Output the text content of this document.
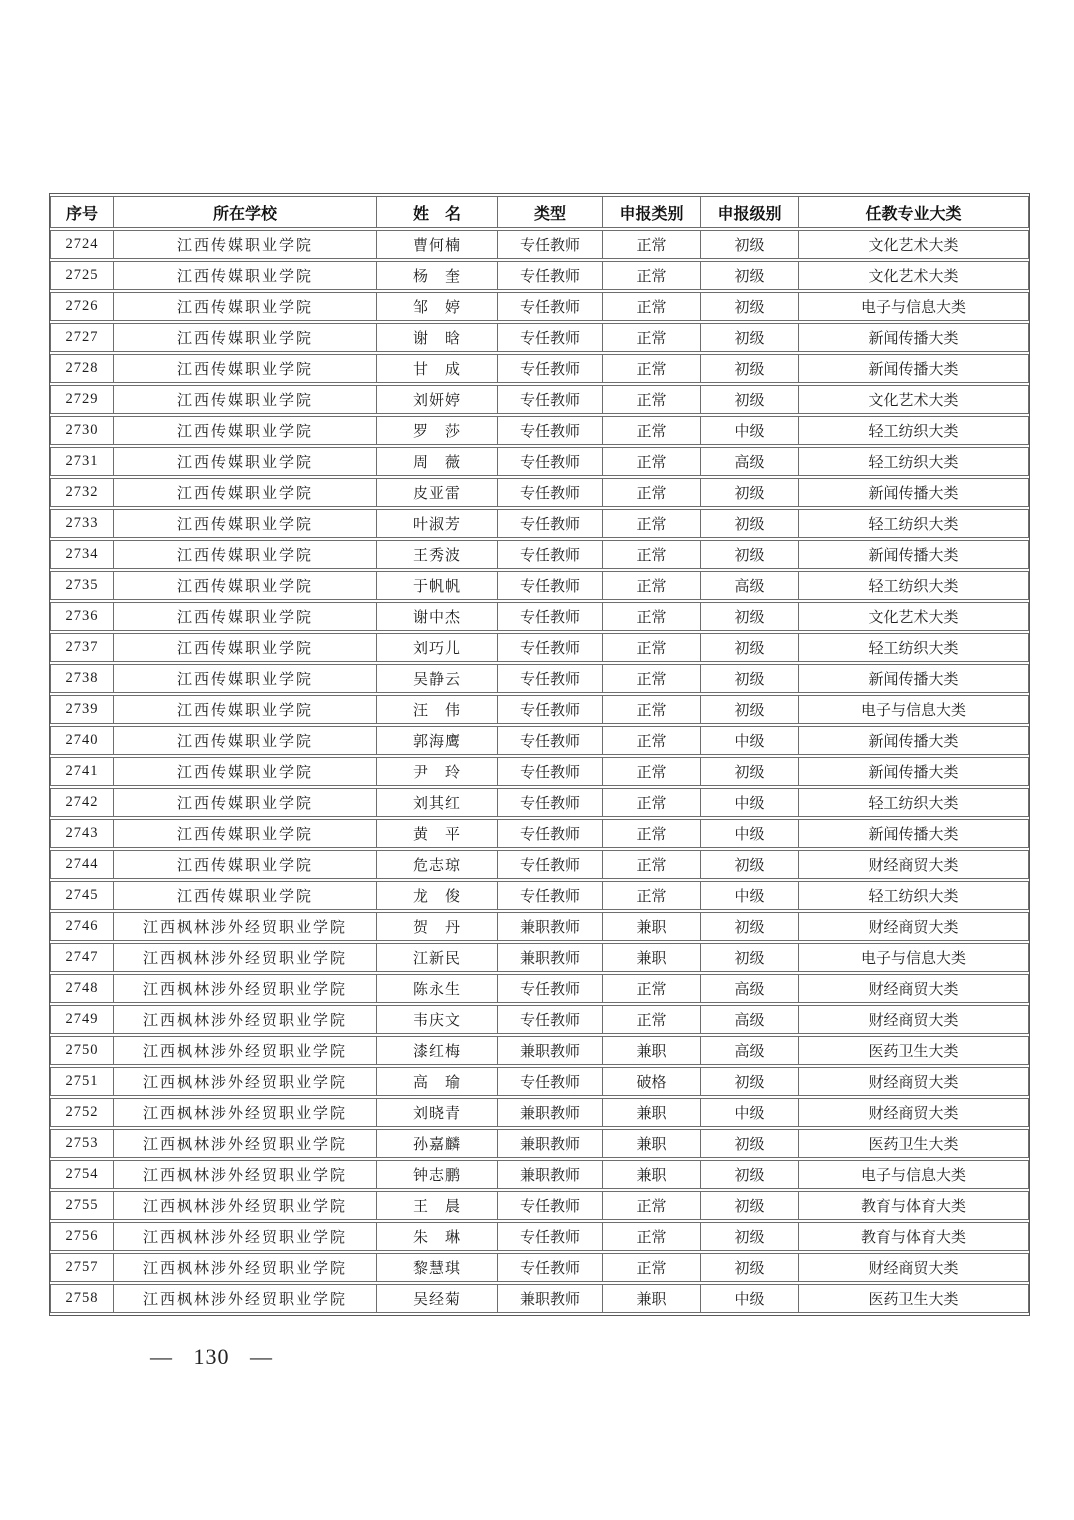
序号	所在学校	姓　名	类型	申报类别	申报级别	任教专业大类
2724	江西传媒职业学院	曹何楠	专任教师	正常	初级	文化艺术大类
2725	江西传媒职业学院	杨　奎	专任教师	正常	初级	文化艺术大类
2726	江西传媒职业学院	邹　婷	专任教师	正常	初级	电子与信息大类
2727	江西传媒职业学院	谢　晗	专任教师	正常	初级	新闻传播大类
2728	江西传媒职业学院	甘　成	专任教师	正常	初级	新闻传播大类
2729	江西传媒职业学院	刘妍婷	专任教师	正常	初级	文化艺术大类
2730	江西传媒职业学院	罗　莎	专任教师	正常	中级	轻工纺织大类
2731	江西传媒职业学院	周　薇	专任教师	正常	高级	轻工纺织大类
2732	江西传媒职业学院	皮亚雷	专任教师	正常	初级	新闻传播大类
2733	江西传媒职业学院	叶淑芳	专任教师	正常	初级	轻工纺织大类
2734	江西传媒职业学院	王秀波	专任教师	正常	初级	新闻传播大类
2735	江西传媒职业学院	于帆帆	专任教师	正常	高级	轻工纺织大类
2736	江西传媒职业学院	谢中杰	专任教师	正常	初级	文化艺术大类
2737	江西传媒职业学院	刘巧儿	专任教师	正常	初级	轻工纺织大类
2738	江西传媒职业学院	吴静云	专任教师	正常	初级	新闻传播大类
2739	江西传媒职业学院	汪　伟	专任教师	正常	初级	电子与信息大类
2740	江西传媒职业学院	郭海鹰	专任教师	正常	中级	新闻传播大类
2741	江西传媒职业学院	尹　玲	专任教师	正常	初级	新闻传播大类
2742	江西传媒职业学院	刘其红	专任教师	正常	中级	轻工纺织大类
2743	江西传媒职业学院	黄　平	专任教师	正常	中级	新闻传播大类
2744	江西传媒职业学院	危志琼	专任教师	正常	初级	财经商贸大类
2745	江西传媒职业学院	龙　俊	专任教师	正常	中级	轻工纺织大类
2746	江西枫林涉外经贸职业学院	贺　丹	兼职教师	兼职	初级	财经商贸大类
2747	江西枫林涉外经贸职业学院	江新民	兼职教师	兼职	初级	电子与信息大类
2748	江西枫林涉外经贸职业学院	陈永生	专任教师	正常	高级	财经商贸大类
2749	江西枫林涉外经贸职业学院	韦庆文	专任教师	正常	高级	财经商贸大类
2750	江西枫林涉外经贸职业学院	漆红梅	兼职教师	兼职	高级	医药卫生大类
2751	江西枫林涉外经贸职业学院	高　瑜	专任教师	破格	初级	财经商贸大类
2752	江西枫林涉外经贸职业学院	刘晓青	兼职教师	兼职	中级	财经商贸大类
2753	江西枫林涉外经贸职业学院	孙嘉麟	兼职教师	兼职	初级	医药卫生大类
2754	江西枫林涉外经贸职业学院	钟志鹏	兼职教师	兼职	初级	电子与信息大类
2755	江西枫林涉外经贸职业学院	王　晨	专任教师	正常	初级	教育与体育大类
2756	江西枫林涉外经贸职业学院	朱　琳	专任教师	正常	初级	教育与体育大类
2757	江西枫林涉外经贸职业学院	黎慧琪	专任教师	正常	初级	财经商贸大类
2758	江西枫林涉外经贸职业学院	吴经菊	兼职教师	兼职	中级	医药卫生大类
— 130 —
